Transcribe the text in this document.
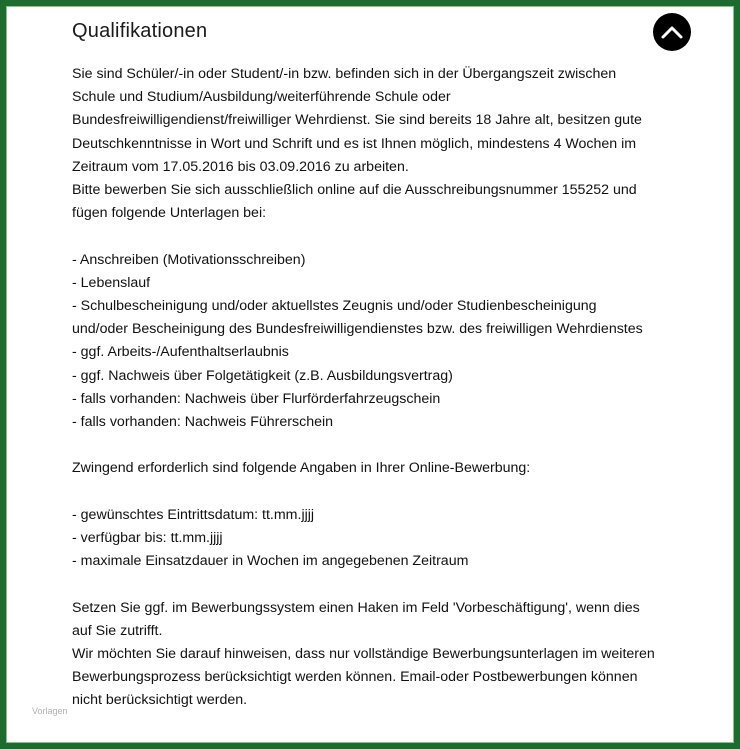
Qualifikationen

Sie sind Schüler/-in oder Student/-in bzw. befinden sich in der Übergangszeit zwischen

Schule und Studium/Ausbildung/weiterführende Schule oder

Bundesfreiwilligendienst/freiwilliger Wehrdienst. Sie sind bereits 18 Jahre alt, besitzen gute

Deutschkenntnisse in Wort und Schrift und es ist Ihnen möglich, mindestens 4 Wochen im

Zeitraum vom 17.05.2016 bis 03.09.2016 zu arbeiten.

Bitte bewerben Sie sich ausschließlich online auf die Ausschreibungsnummer 155252 und

fügen folgende Unterlagen bei:

- Anschreiben (Motivationsschreiben)

- Lebenslauf

- Schulbescheinigung und/oder aktuellstes Zeugnis und/oder Studienbescheinigung

und/oder Bescheinigung des Bundesfreiwilligendienstes bzw. des freiwilligen Wehrdienstes

- ggf. Arbeits-/Aufenthaltserlaubnis

- ggf. Nachweis über Folgetätigkeit (z.B. Ausbildungsvertrag)

- falls vorhanden: Nachweis über Flurförderfahrzeugschein

- falls vorhanden: Nachweis Führerschein

Zwingend erforderlich sind folgende Angaben in Ihrer Online-Bewerbung:

- gewünschtes Eintrittsdatum: tt.mm.jjjj

- verfügbar bis: tt.mm.jjjj

- maximale Einsatzdauer in Wochen im angegebenen Zeitraum

Setzen Sie ggf. im Bewerbungssystem einen Haken im Feld 'Vorbeschäftigung', wenn dies

auf Sie zutrifft.

Wir möchten Sie darauf hinweisen, dass nur vollständige Bewerbungsunterlagen im weiteren

Bewerbungsprozess berücksichtigt werden können. Email-oder Postbewerbungen können

nicht berücksichtigt werden.

Vorlagen
